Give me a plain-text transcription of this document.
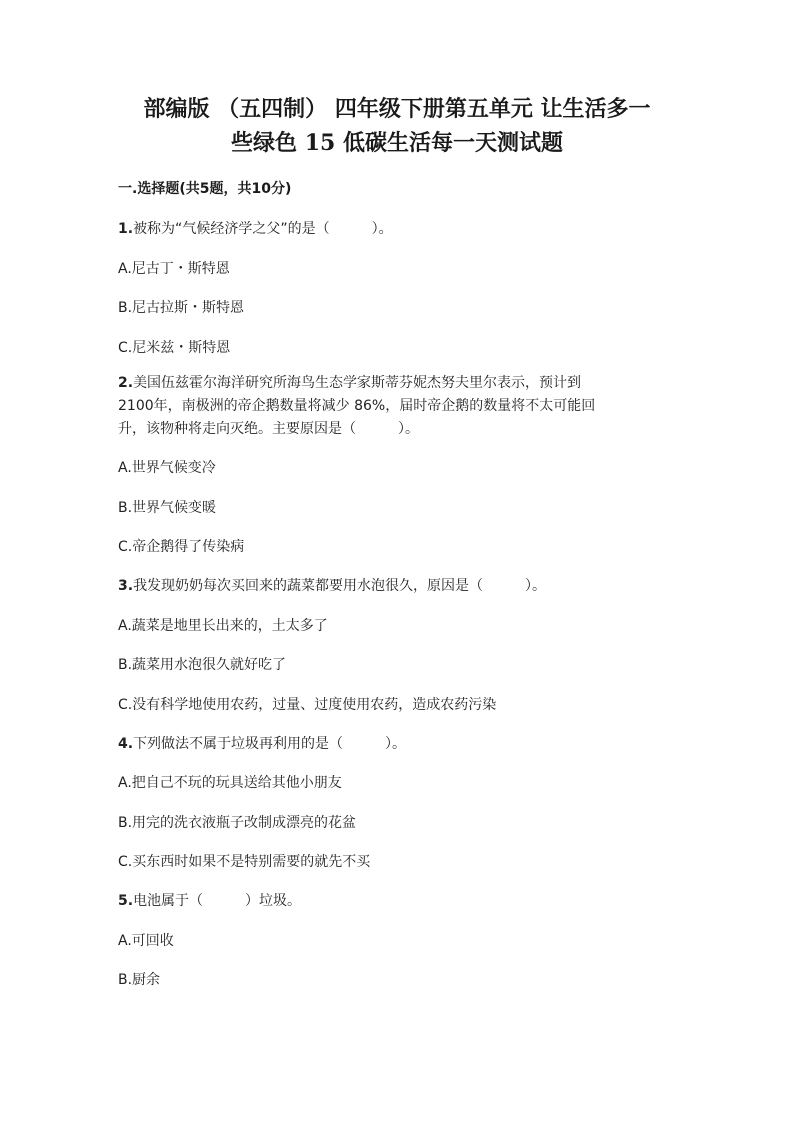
部编版 （五四制） 四年级下册第五单元 让生活多一
些绿色 15 低碳生活每一天测试题
一.选择题(共5题，共10分)
1.被称为“气候经济学之父”的是（　　　）。
A.尼古丁・斯特恩
B.尼古拉斯・斯特恩
C.尼米兹・斯特恩
2.美国伍兹霍尔海洋研究所海鸟生态学家斯蒂芬妮杰努夫里尔表示，预计到
2100年，南极洲的帝企鹅数量将减少 86%，届时帝企鹅的数量将不太可能回
升，该物种将走向灭绝。主要原因是（　　　）。
A.世界气候变冷
B.世界气候变暖
C.帝企鹅得了传染病
3.我发现奶奶每次买回来的蔬菜都要用水泡很久，原因是（　　　）。
A.蔬菜是地里长出来的，土太多了
B.蔬菜用水泡很久就好吃了
C.没有科学地使用农药，过量、过度使用农药，造成农药污染
4.下列做法不属于垃圾再利用的是（　　　）。
A.把自己不玩的玩具送给其他小朋友
B.用完的洗衣液瓶子改制成漂亮的花盆
C.买东西时如果不是特别需要的就先不买
5.电池属于（　　　）垃圾。
A.可回收
B.厨余
